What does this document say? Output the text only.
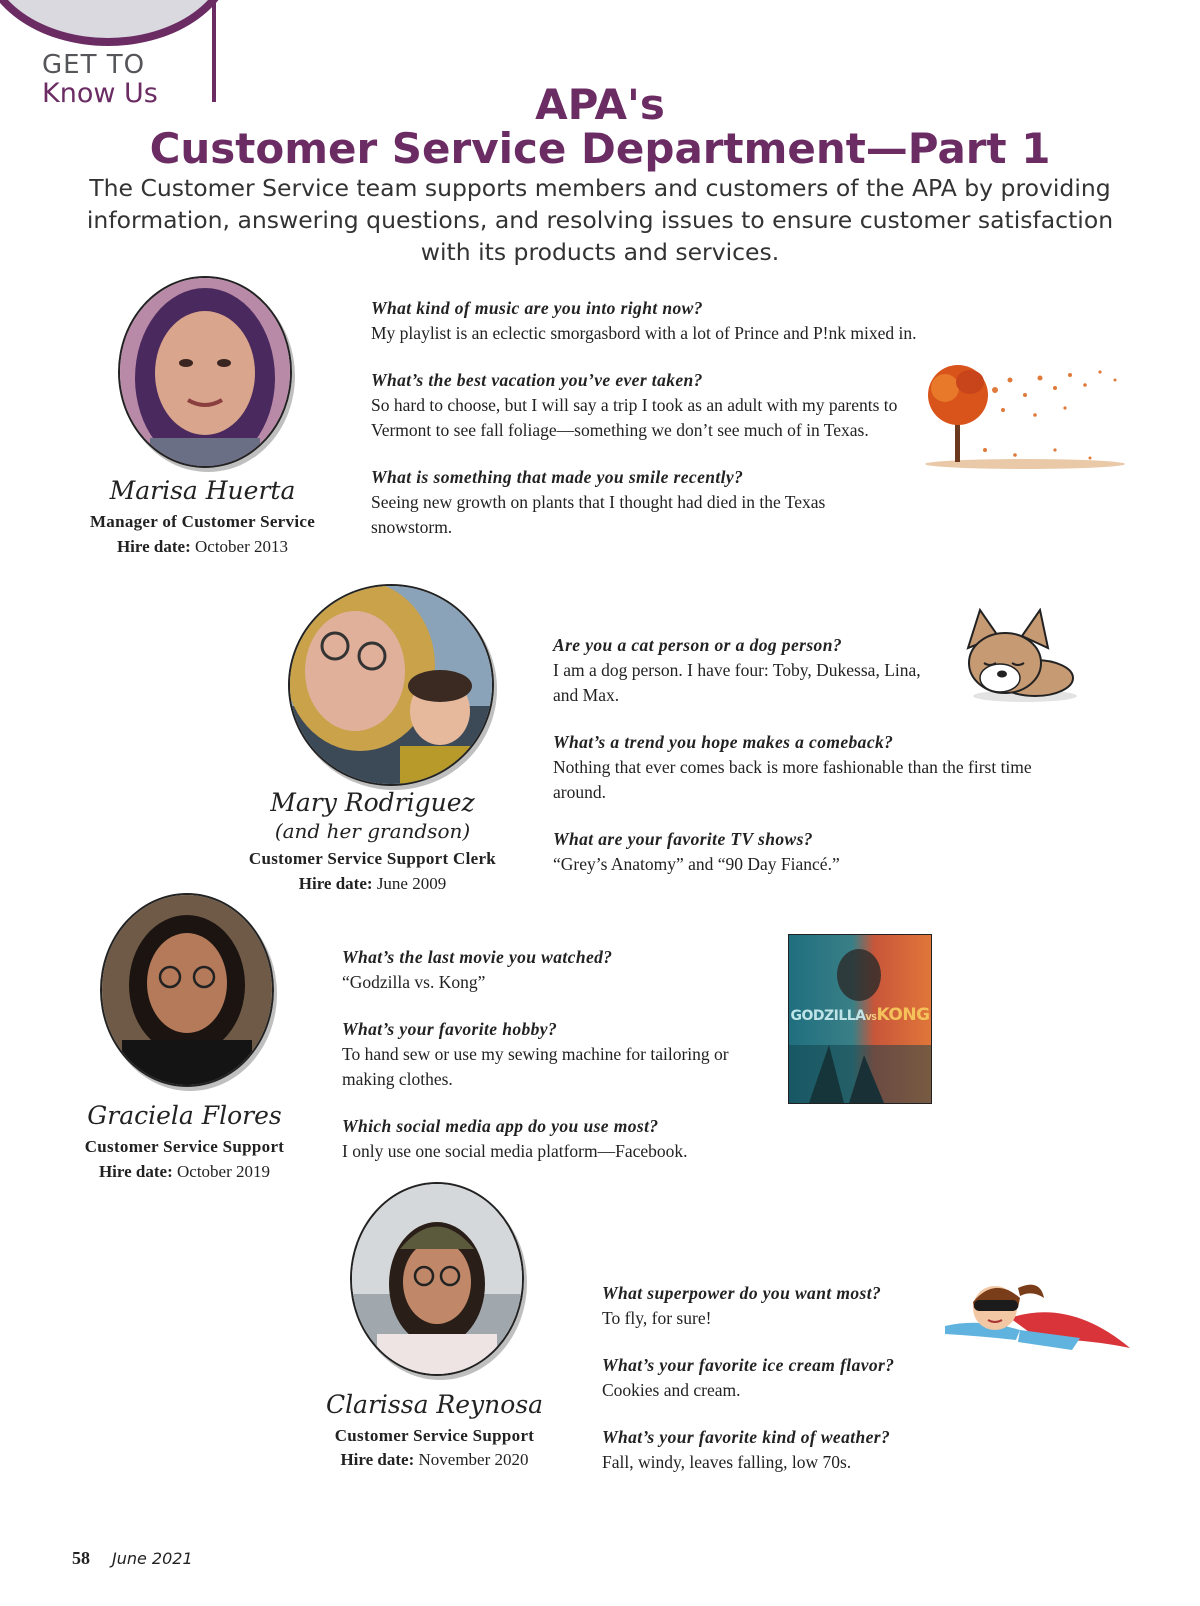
GET TO
Know Us	APA's
Customer Service Department—Part 1
The Customer Service team supports members and customers of the APA by providing information, answering questions, and resolving issues to ensure customer satisfaction with its products and services.
Marisa Huerta
Manager of Customer Service
Hire date: October 2013
What kind of music are you into right now?
My playlist is an eclectic smorgasbord with a lot of Prince and P!nk mixed in.
What’s the best vacation you’ve ever taken?
So hard to choose, but I will say a trip I took as an adult with my parents to Vermont to see fall foliage—something we don’t see much of in Texas.
What is something that made you smile recently?
Seeing new growth on plants that I thought had died in the Texas snowstorm.
Mary Rodriguez
(and her grandson)
Customer Service Support Clerk
Hire date: June 2009
Are you a cat person or a dog person?
I am a dog person. I have four: Toby, Dukessa, Lina, and Max.
What’s a trend you hope makes a comeback?
Nothing that ever comes back is more fashionable than the first time around.
What are your favorite TV shows?
“Grey’s Anatomy” and “90 Day Fiancé.”
Graciela Flores
Customer Service Support
Hire date: October 2019
What’s the last movie you watched?
“Godzilla vs. Kong”
What’s your favorite hobby?
To hand sew or use my sewing machine for tailoring or making clothes.
Which social media app do you use most?
I only use one social media platform—Facebook.
GODZILLAVSKONG
Clarissa Reynosa
Customer Service Support
Hire date: November 2020
What superpower do you want most?
To fly, for sure!
What’s your favorite ice cream flavor?
Cookies and cream.
What’s your favorite kind of weather?
Fall, windy, leaves falling, low 70s.
58 June 2021
